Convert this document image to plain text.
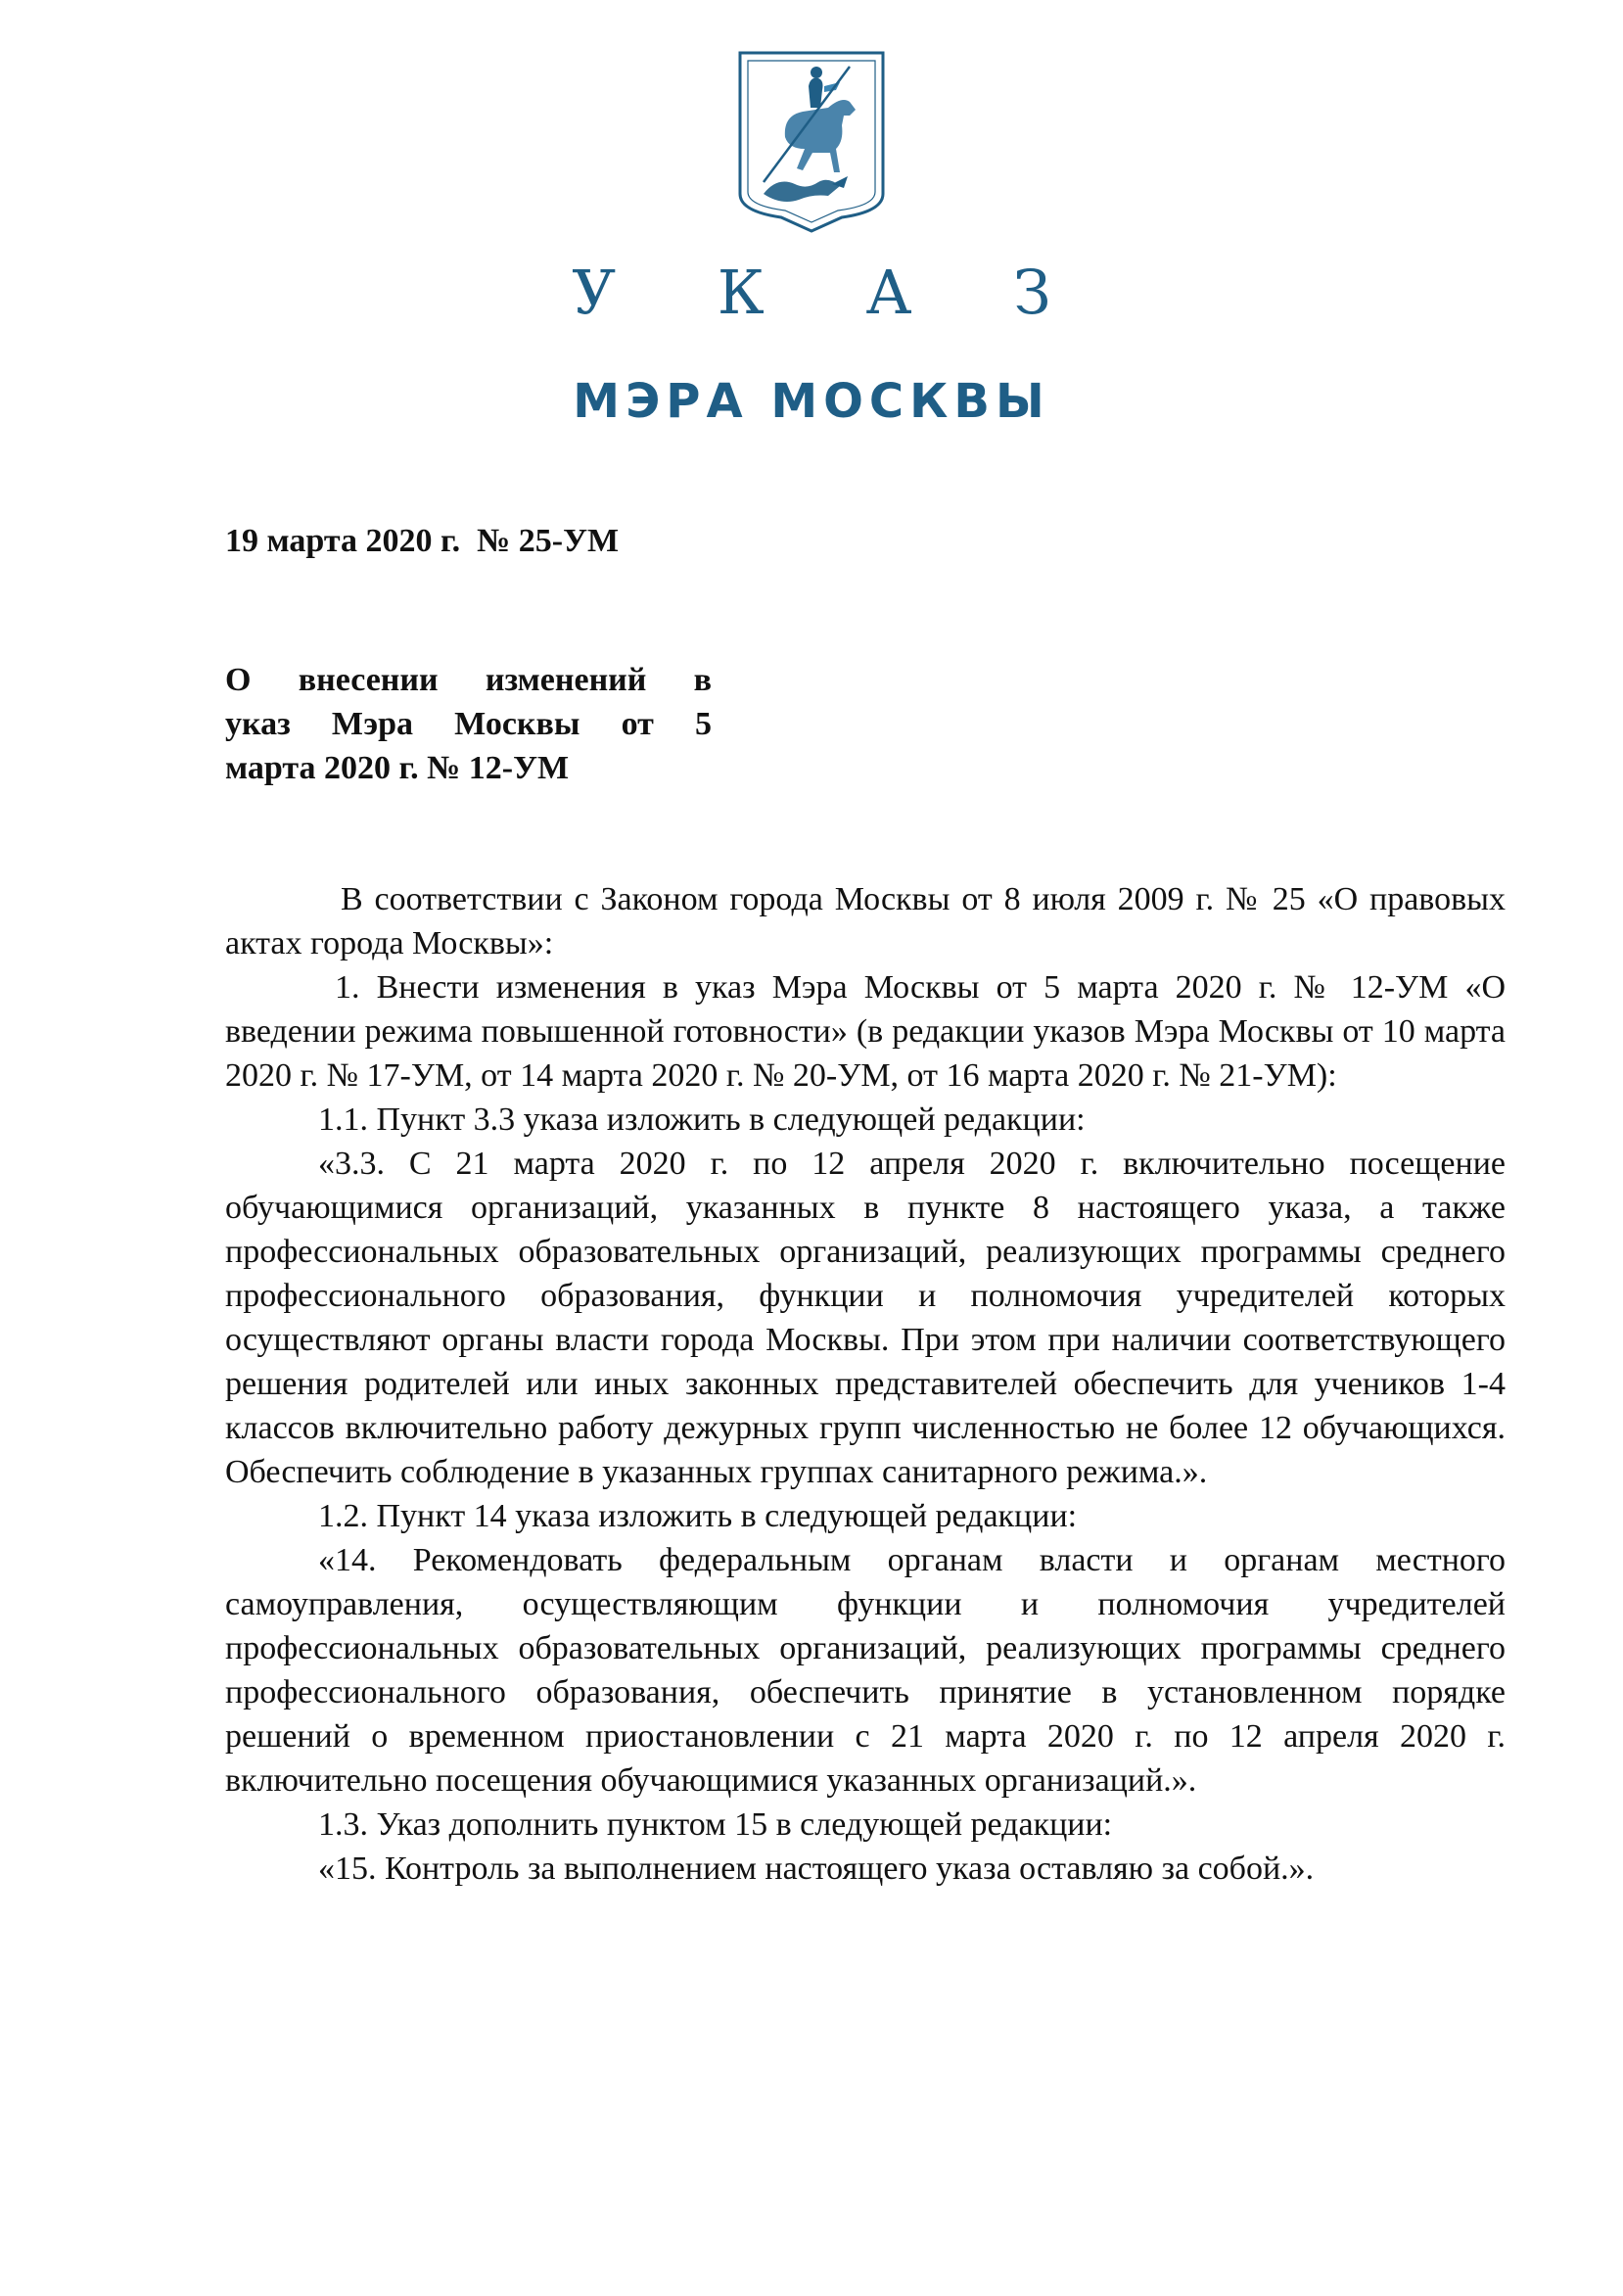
У К А З
МЭРА МОСКВЫ
19 марта 2020 г.  № 25-УМ
О внесении изменений в
указ Мэра Москвы от 5
марта 2020 г. № 12-УМ

В соответствии с Законом города Москвы от 8 июля 2009 г. № 25 «О правовых актах города Москвы»:

1. Внести изменения в указ Мэра Москвы от 5 марта 2020 г. № 12-УМ «О введении режима повышенной готовности» (в редакции указов Мэра Москвы от 10 марта 2020 г. № 17-УМ, от 14 марта 2020 г. № 20-УМ, от 16 марта 2020 г. № 21-УМ):

1.1. Пункт 3.3 указа изложить в следующей редакции:

«3.3. С 21 марта 2020 г. по 12 апреля 2020 г. включительно посещение обучающимися организаций, указанных в пункте 8 настоящего указа, а также профессиональных образовательных организаций, реализующих программы среднего профессионального образования, функции и полномочия учредителей которых осуществляют органы власти города Москвы. При этом при наличии соответствующего решения родителей или иных законных представителей обеспечить для учеников 1-4 классов включительно работу дежурных групп численностью не более 12 обучающихся. Обеспечить соблюдение в указанных группах санитарного режима.».

1.2. Пункт 14 указа изложить в следующей редакции:

«14. Рекомендовать федеральным органам власти и органам местного самоуправления, осуществляющим функции и полномочия учредителей профессиональных образовательных организаций, реализующих программы среднего профессионального образования, обеспечить принятие в установленном порядке решений о временном приостановлении с 21 марта 2020 г. по 12 апреля 2020 г. включительно посещения обучающимися указанных организаций.».

1.3. Указ дополнить пунктом 15 в следующей редакции:

«15. Контроль за выполнением настоящего указа оставляю за собой.».
